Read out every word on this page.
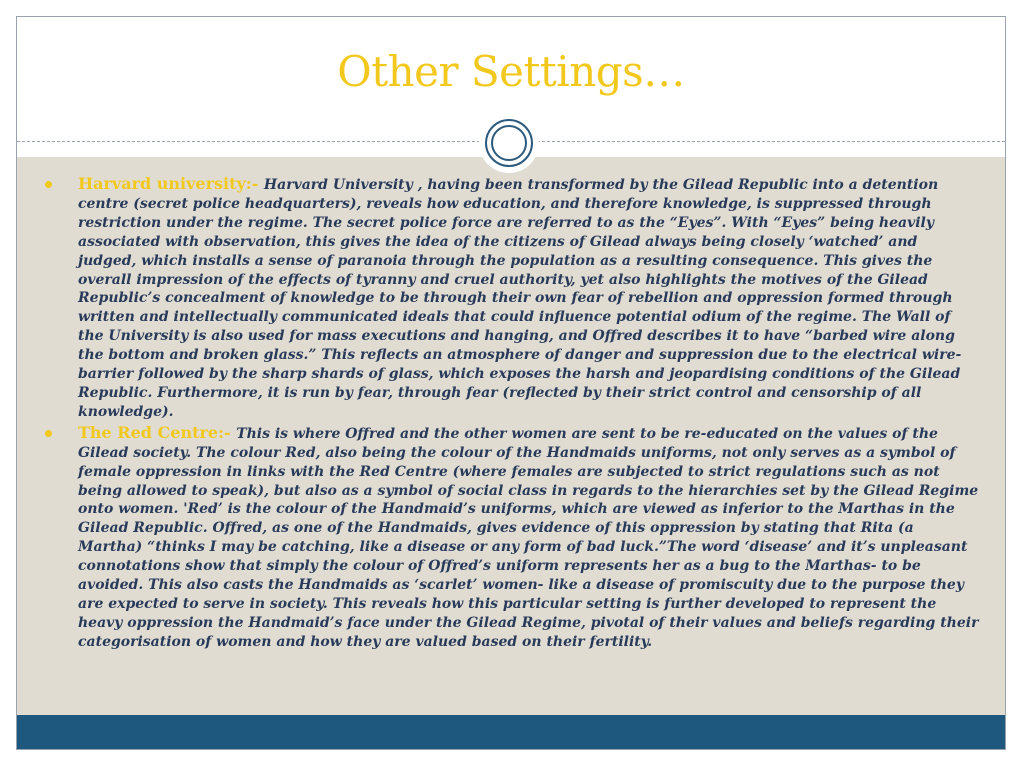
Other Settings…
Harvard university:- Harvard University , having been transformed by the Gilead Republic into a detention centre (secret police headquarters), reveals how education, and therefore knowledge, is suppressed through restriction under the regime. The secret police force are referred to as the “Eyes”. With “Eyes” being heavily associated with observation, this gives the idea of the citizens of Gilead always being closely ‘watched’ and judged, which installs a sense of paranoia through the population as a resulting consequence. This gives the overall impression of the effects of tyranny and cruel authority, yet also highlights the motives of the Gilead Republic’s concealment of knowledge to be through their own fear of rebellion and oppression formed through written and intellectually communicated ideals that could influence potential odium of the regime. The Wall of the University is also used for mass executions and hanging, and Offred describes it to have “barbed wire along the bottom and broken glass.” This reflects an atmosphere of danger and suppression due to the electrical wire-barrier followed by the sharp shards of glass, which exposes the harsh and jeopardising conditions of the Gilead Republic. Furthermore, it is run by fear, through fear (reflected by their strict control and censorship of all knowledge).
The Red Centre:- This is where Offred and the other women are sent to be re-educated on the values of the Gilead society. The colour Red, also being the colour of the Handmaids uniforms, not only serves as a symbol of female oppression in links with the Red Centre (where females are subjected to strict regulations such as not being allowed to speak), but also as a symbol of social class in regards to the hierarchies set by the Gilead Regime onto women. 'Red’ is the colour of the Handmaid’s uniforms, which are viewed as inferior to the Marthas in the Gilead Republic. Offred, as one of the Handmaids, gives evidence of this oppression by stating that Rita (a Martha) “thinks I may be catching, like a disease or any form of bad luck.”The word ‘disease’ and it’s unpleasant connotations show that simply the colour of Offred’s uniform represents her as a bug to the Marthas- to be avoided. This also casts the Handmaids as ‘scarlet’ women- like a disease of promiscuity due to the purpose they are expected to serve in society. This reveals how this particular setting is further developed to represent the heavy oppression the Handmaid’s face under the Gilead Regime, pivotal of their values and beliefs regarding their categorisation of women and how they are valued based on their fertility.
